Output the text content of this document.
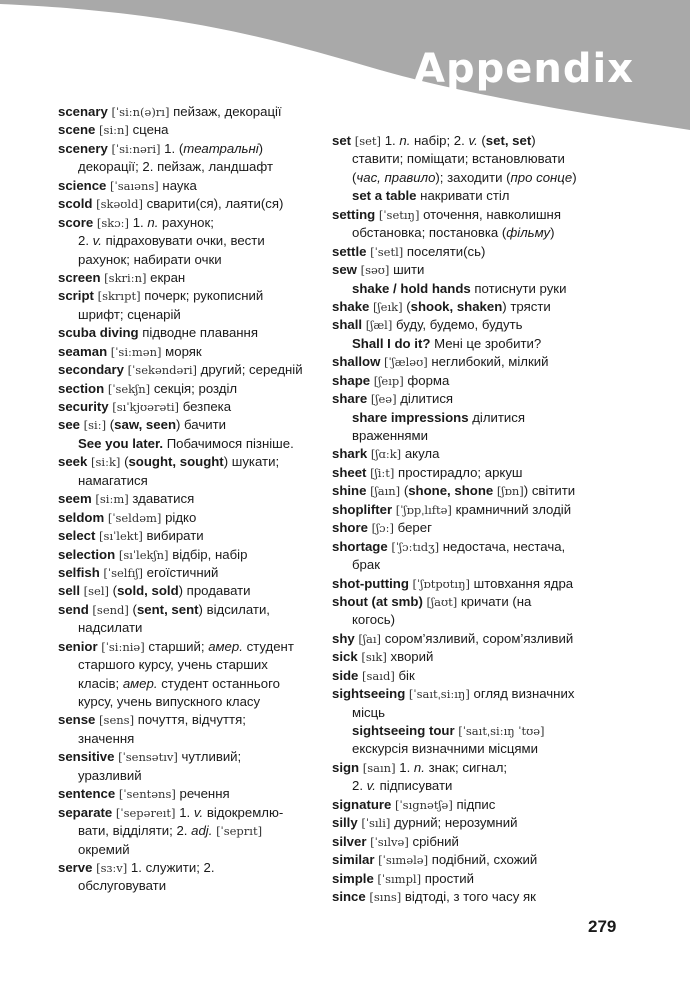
Appendix
scenary [ˈsiːn(ə)rı] пейзаж, декорації
scene [siːn] сцена
scenery [ˈsiːnəri] 1. (театральні)
декорації; 2. пейзаж, ландшафт
science [ˈsaıəns] наука
scold [skəʊld] сварити(ся), лаяти(ся)
score [skɔː] 1. n. рахунок;
2. v. підраховувати очки, вести
рахунок; набирати очки
screen [skriːn] екран
script [skrıpt] почерк; рукописний
шрифт; сценарій
scuba diving підводне плавання
seaman [ˈsiːmən] моряк
secondary [ˈsekəndəri] другий; середній
section [ˈsekʃn] секція; розділ
security [sıˈkjʊərəti] безпека
see [siː] (saw, seen) бачити
See you later. Побачимося пізніше.
seek [siːk] (sought, sought) шукати;
намагатися
seem [siːm] здаватися
seldom [ˈseldəm] рідко
select [sıˈlekt] вибирати
selection [sıˈlekʃn] відбір, набір
selfish [ˈselfıʃ] егоїстичний
sell [sel] (sold, sold) продавати
send [send] (sent, sent) відсилати,
надсилати
senior [ˈsiːniə] старший; амер. студент
старшого курсу, учень старших
класів; амер. студент останнього
курсу, учень випускного класу
sense [sens] почуття, відчуття;
значення
sensitive [ˈsensətıv] чутливий;
уразливий
sentence [ˈsentəns] речення
separate [ˈsepəreıt] 1. v. відокремлю-
вати, відділяти; 2. adj. [ˈseprıt]
окремий
serve [sɜːv] 1. служити; 2.
обслуговувати
set [set] 1. n. набір; 2. v. (set, set)
ставити; поміщати; встановлювати
(час, правило); заходити (про сонце)
set a table накривати стіл
setting [ˈsetıŋ] оточення, навколишня
обстановка; постановка (фільму)
settle [ˈsetl] поселяти(сь)
sew [səʊ] шити
shake / hold hands потиснути руки
shake [ʃeık] (shook, shaken) трясти
shall [ʃæl] буду, будемо, будуть
Shall I do it? Мені це зробити?
shallow [ˈʃæləʊ] неглибокий, мілкий
shape [ʃeıp] форма
share [ʃeə] ділитися
share impressions ділитися
враженнями
shark [ʃɑːk] акула
sheet [ʃiːt] простирадло; аркуш
shine [ʃaın] (shone, shone [ʃɒn]) світити
shoplifter [ˈʃɒpˌlıftə] крамничний злодій
shore [ʃɔː] берег
shortage [ˈʃɔːtıdʒ] недостача, нестача,
брак
shot-putting [ˈʃɒtpʊtıŋ] штовхання ядра
shout (at smb) [ʃaʊt] кричати (на
когось)
shy [ʃaı] сором’язливий, сором’язливий
sick [sık] хворий
side [saıd] бік
sightseeing [ˈsaıtˌsiːıŋ] огляд визначних
місць
sightseeing tour [ˈsaıtˌsiːıŋ ˈtʊə]
екскурсія визначними місцями
sign [saın] 1. n. знак; сигнал;
2. v. підписувати
signature [ˈsıgnətʃə] підпис
silly [ˈsıli] дурний; нерозумний
silver [ˈsılvə] срібний
similar [ˈsımələ] подібний, схожий
simple [ˈsımpl] простий
since [sıns] відтоді, з того часу як
279
